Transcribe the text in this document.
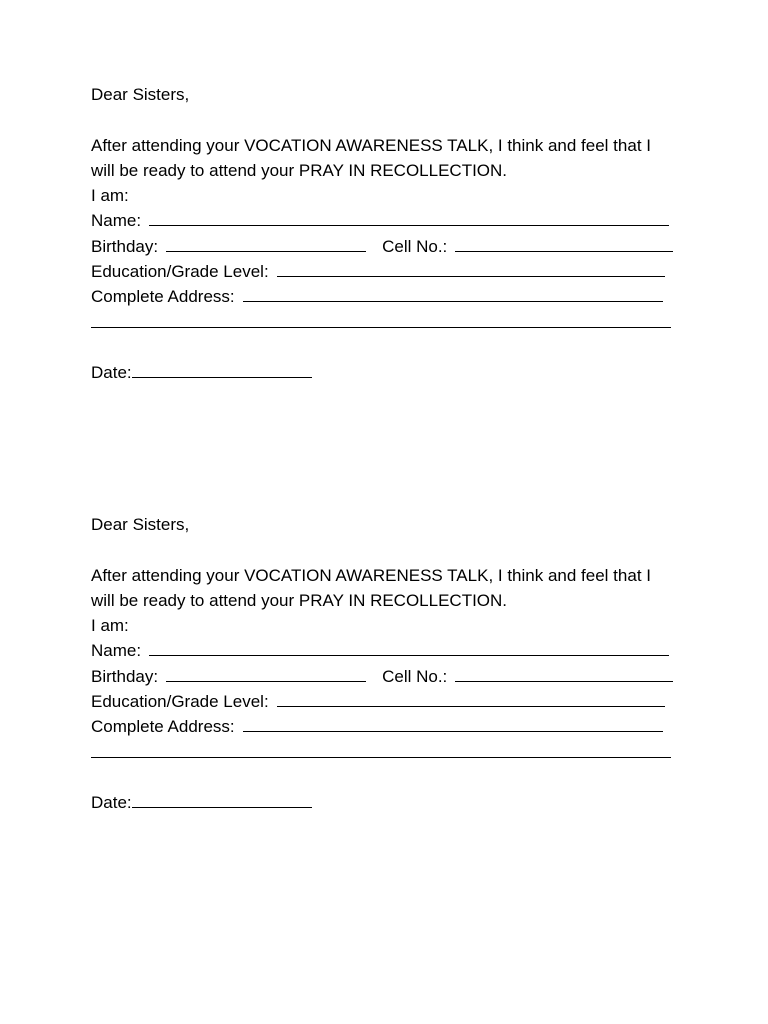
Dear Sisters,
After attending your VOCATION AWARENESS TALK, I think and feel that I
will be ready to attend your PRAY IN RECOLLECTION.
I am:
Name:
Birthday:	Cell No.:
Education/Grade Level:
Complete Address:
Date:
Dear Sisters,
After attending your VOCATION AWARENESS TALK, I think and feel that I
will be ready to attend your PRAY IN RECOLLECTION.
I am:
Name:
Birthday:	Cell No.:
Education/Grade Level:
Complete Address:
Date:
